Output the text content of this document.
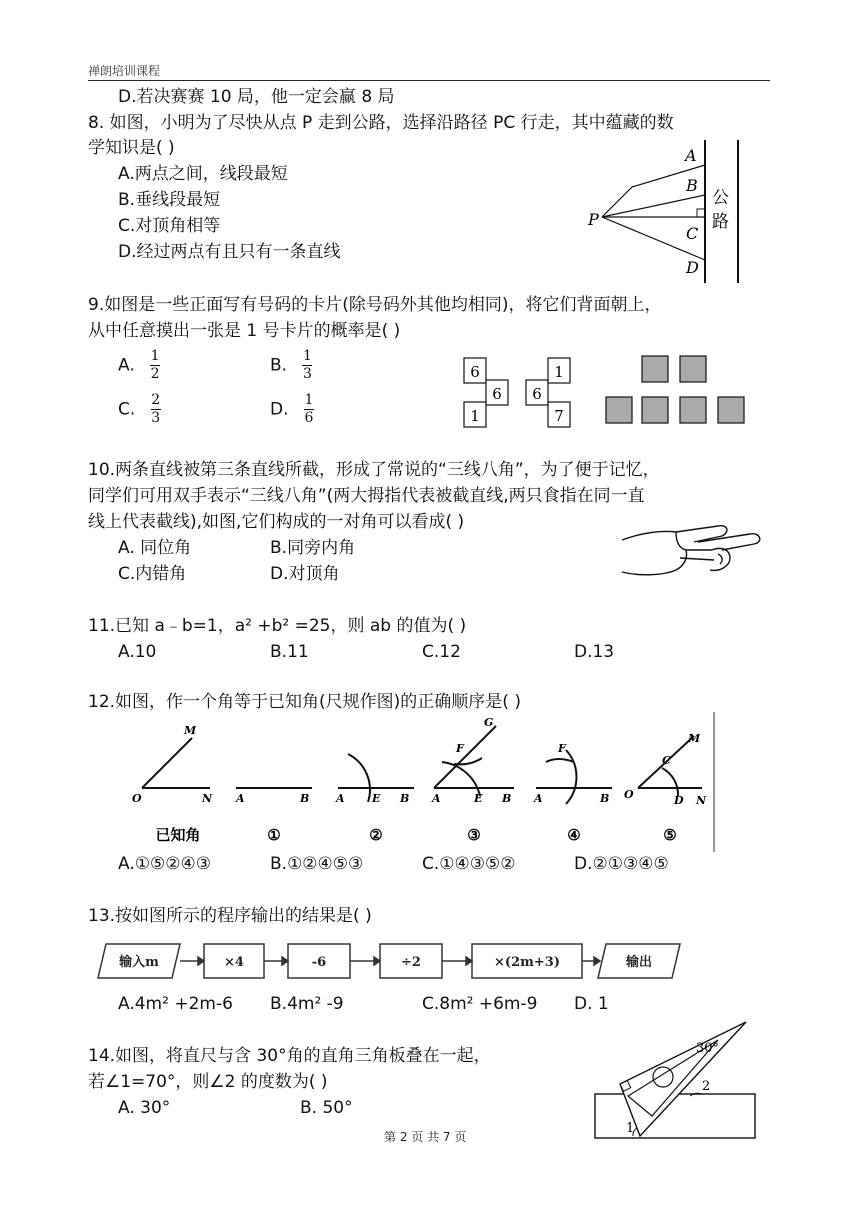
禅朗培训课程
D.若决赛赛 10 局，他一定会赢 8 局
8. 如图，小明为了尽快从点 P 走到公路，选择沿路径 PC 行走，其中蕴藏的数
学知识是( )
A.两点之间，线段最短
B.垂线段最短
C.对顶角相等
D.经过两点有且只有一条直线
A
B
C
D
P
公
路
9.如图是一些正面写有号码的卡片(除号码外其他均相同)，将它们背面朝上，
从中任意摸出一张是 1 号卡片的概率是( )
A. $\frac{1}{2}$	B. $\frac{1}{3}$
C. $\frac{2}{3}$	D. $\frac{1}{6}$
6
6
1
6
1
7
10.两条直线被第三条直线所截，形成了常说的“三线八角”，为了便于记忆，
同学们可用双手表示“三线八角”(两大拇指代表被截直线,两只食指在同一直
线上代表截线),如图,它们构成的一对角可以看成( )
A. 同位角	B.同旁内角
C.内错角	D.对顶角
11.已知 a﹣b=1，a² +b² =25，则 ab 的值为( )
A.10	B.11	C.12	D.13
12.如图，作一个角等于已知角(尺规作图)的正确顺序是( )
M
O	N A	B A E B
G
F
A	E B
F
A	B
M
C
O	D N
已知角	①	②	③	④	⑤
A.①⑤②④③	B.①②④⑤③	C.①④③⑤②	D.②①③④⑤
13.按如图所示的程序输出的结果是( )
输入m	×4	-6	÷2	×(2m+3)	输出
A.4m² +2m-6 B.4m² -9	C.8m² +6m-9 D. 1
14.如图，将直尺与含 30°角的直角三角板叠在一起，
若∠1=70°，则∠2 的度数为( )
A. 30°	B. 50°
30°
2
1
第 2 页 共 7 页
